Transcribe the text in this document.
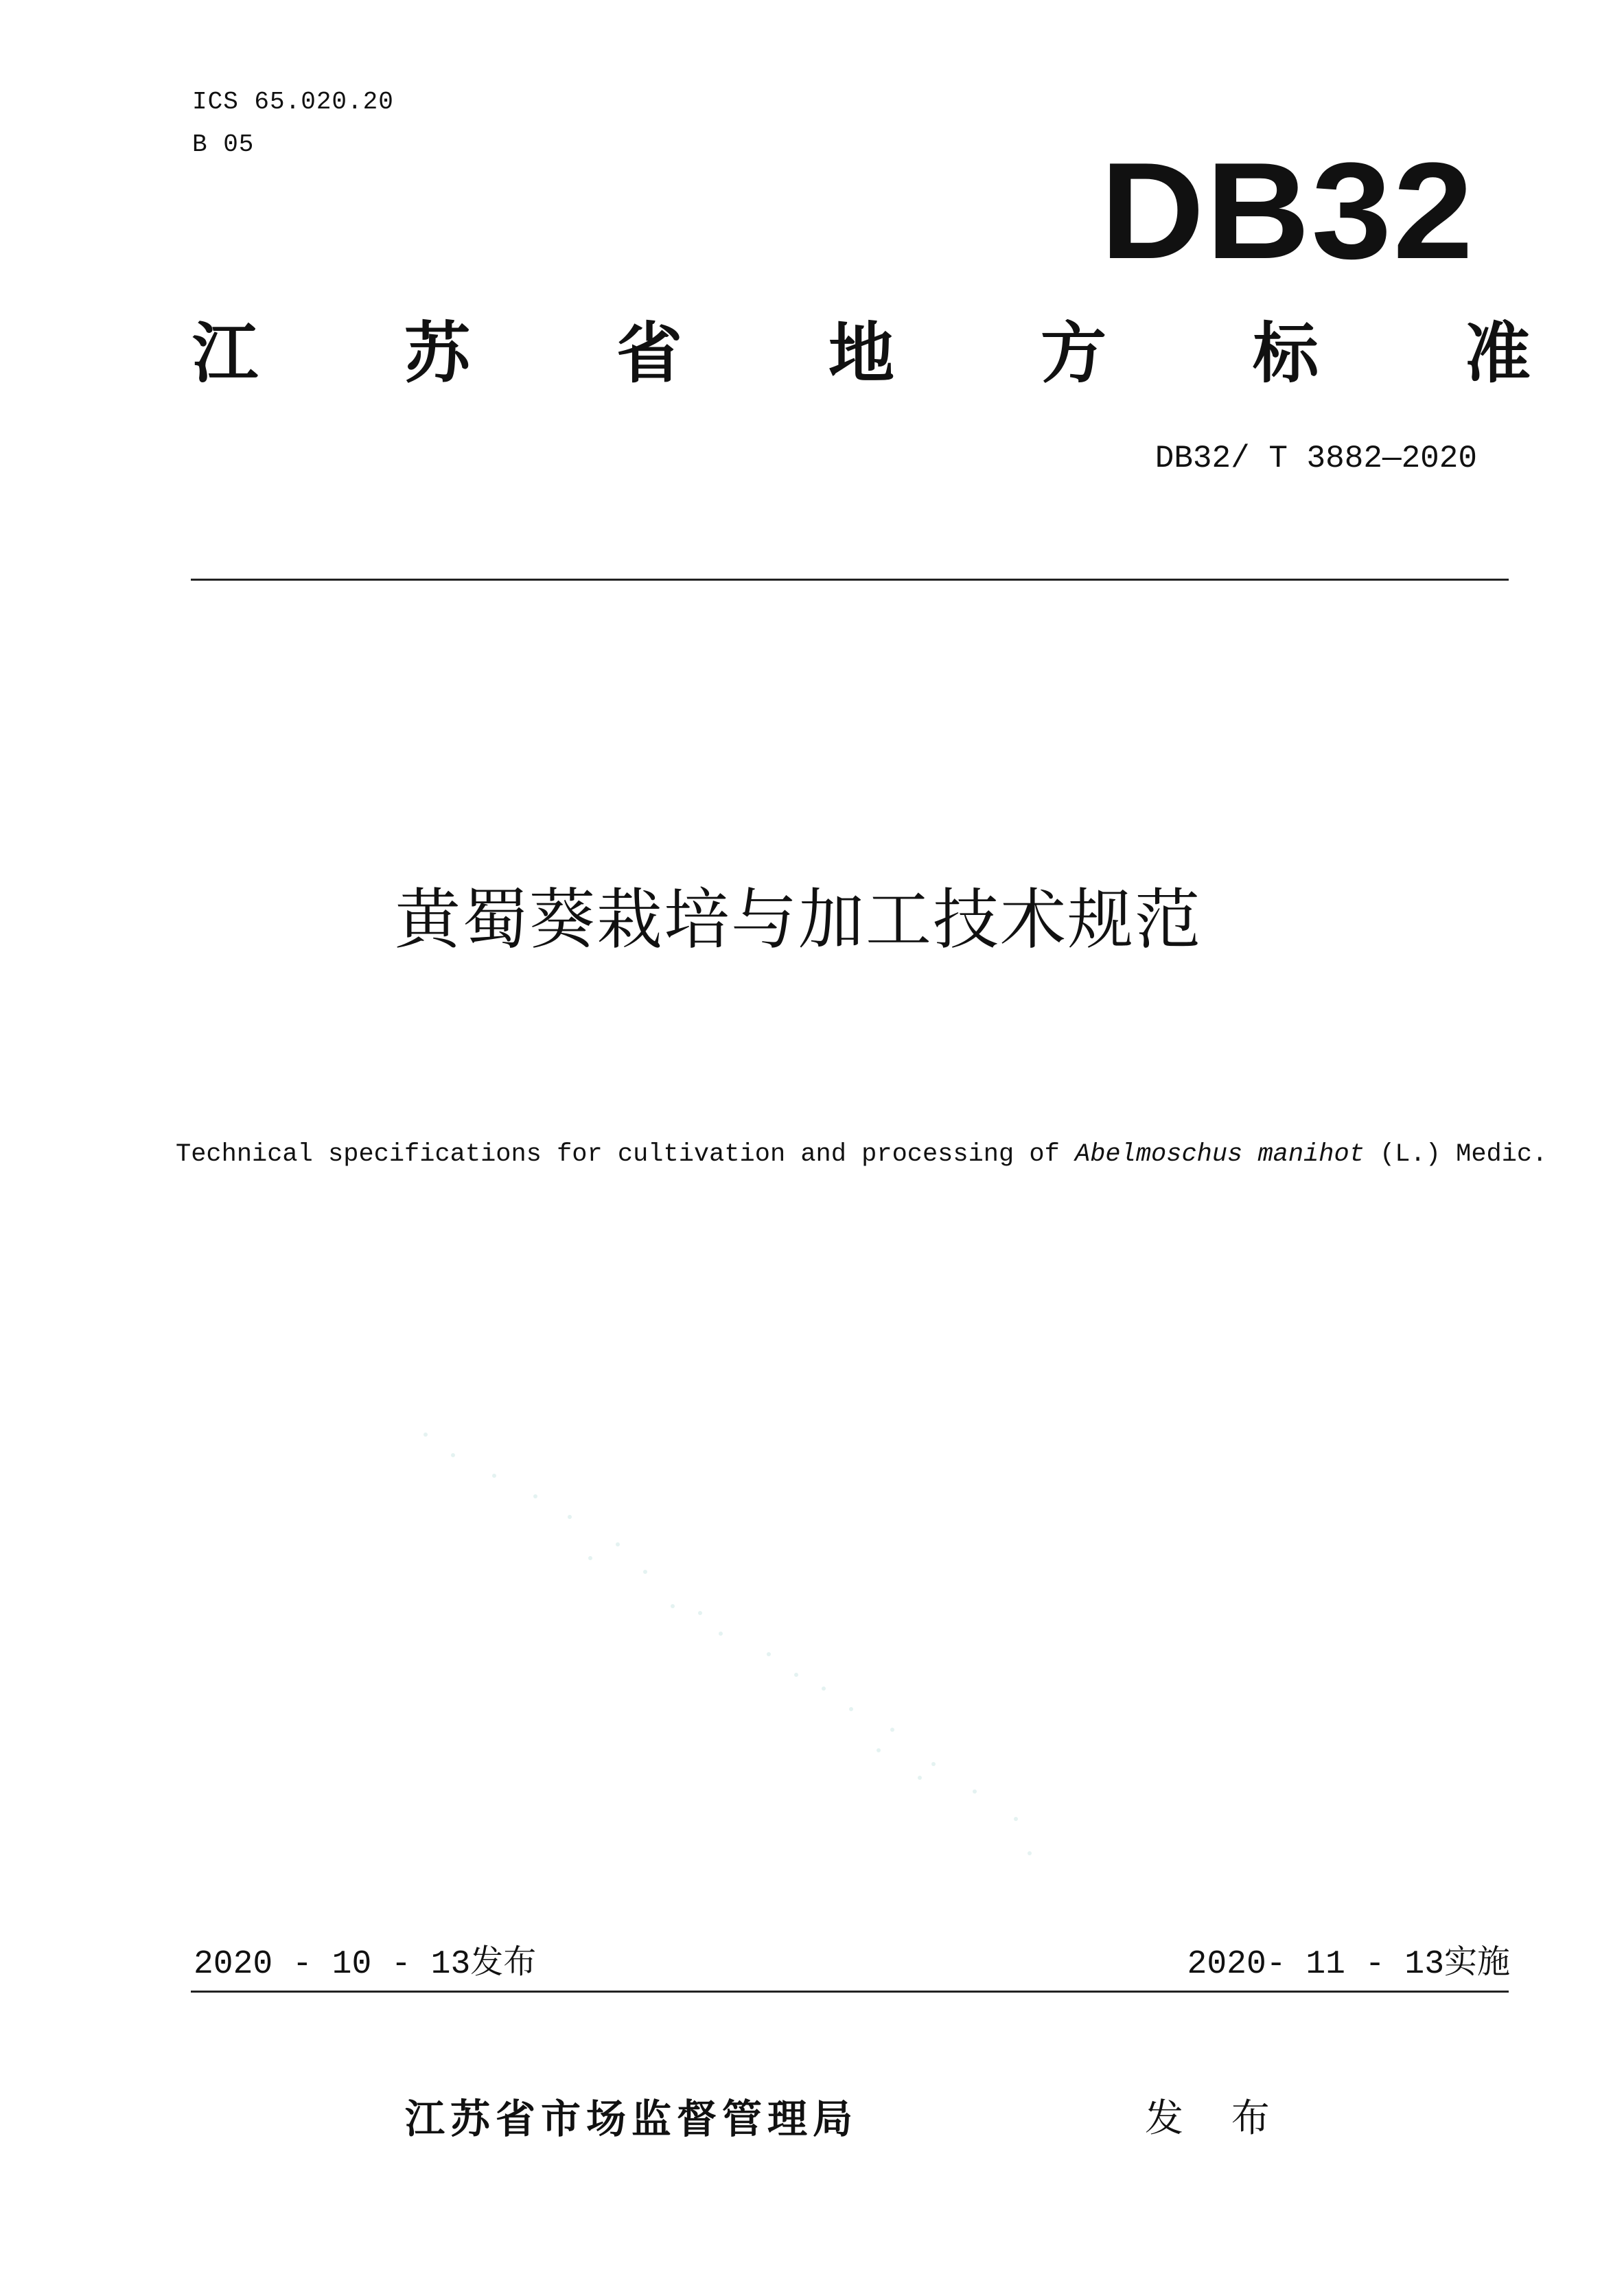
ICS 65.020.20
B 05	DB32
江 苏 省 地 方 标 准
DB32/ T 3882—2020
黄蜀葵栽培与加工技术规范
Technical specifications for cultivation and processing of Abelmoschus manihot (L.) Medic.
2020 - 10 - 13发布	2020- 11 - 13实施
江苏省市场监督管理局	发 布
